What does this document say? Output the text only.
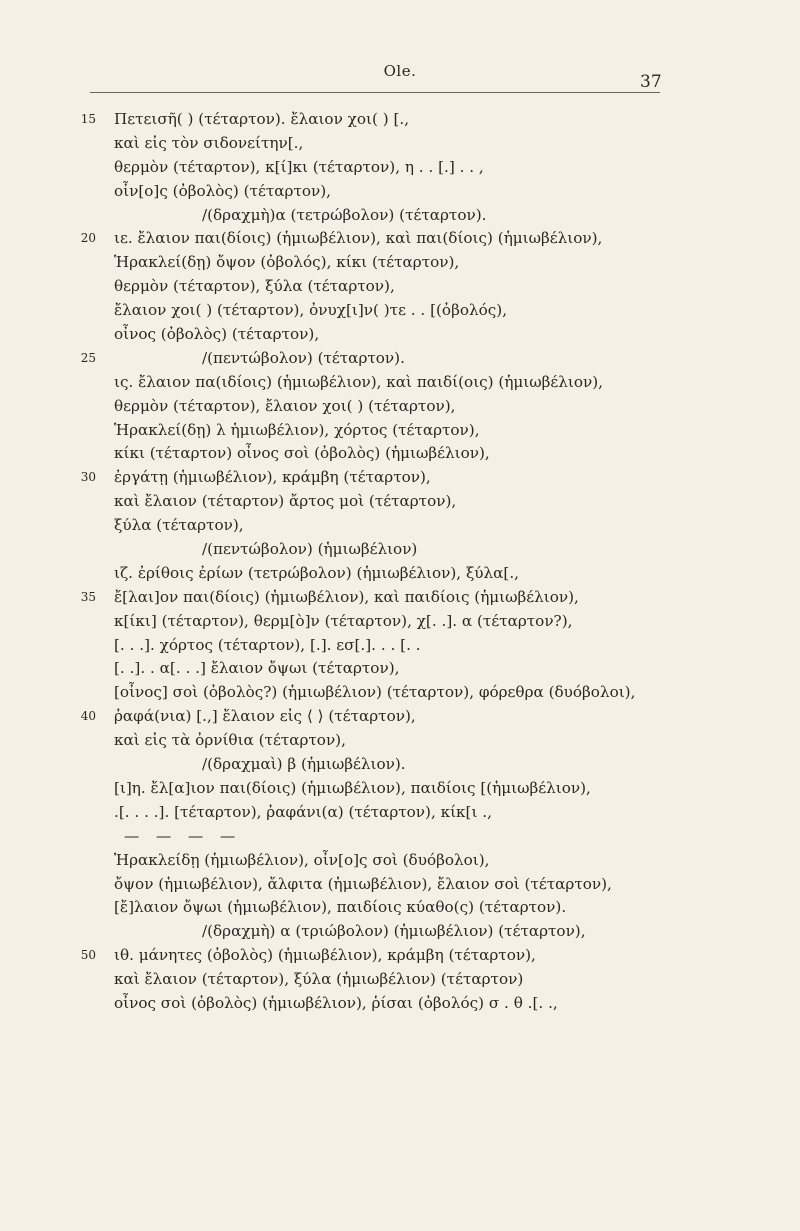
Ole.
37
15 Πετεισῆ( ) (τέταρτον). ἔλαιον χοι( ) [.,
καὶ εἰς τὸν σιδονείτην[.,
θερμὸν (τέταρτον), κ[ί]κι (τέταρτον), η . . [.] . . ,
οἶν[ο]ς (ὀβολὸς) (τέταρτον),
/(δραχμὴ)α (τετρώβολον) (τέταρτον).
20 ιε. ἔλαιον παι(δίοις) (ἡμιωβέλιον), καὶ παι(δίοις) (ἡμιωβέλιον),
Ἡρακλεί(δῃ) ὄψον (ὀβολός), κίκι (τέταρτον),
θερμὸν (τέταρτον), ξύλα (τέταρτον),
ἔλαιον χοι( ) (τέταρτον), ὀνυχ[ι]ν( )τε . . [(ὀβολός),
οἶνος (ὀβολὸς) (τέταρτον),
25	/(πεντώβολον) (τέταρτον).
ις. ἔλαιον πα(ιδίοις) (ἡμιωβέλιον), καὶ παιδί(οις) (ἡμιωβέλιον),
θερμὸν (τέταρτον), ἔλαιον χοι( ) (τέταρτον),
Ἡρακλεί(δῃ) λ ἡμιωβέλιον), χόρτος (τέταρτον),
κίκι (τέταρτον) οἶνος σοὶ (ὀβολὸς) (ἡμιωβέλιον),
30 ἐργάτῃ (ἡμιωβέλιον), κράμβη (τέταρτον),
καὶ ἔλαιον (τέταρτον) ἄρτος μοὶ (τέταρτον),
ξύλα (τέταρτον),
/(πεντώβολον) (ἡμιωβέλιον)
ιζ. ἐρίθοις ἐρίων (τετρώβολον) (ἡμιωβέλιον), ξύλα[.,
35 ἔ[λαι]ον παι(δίοις) (ἡμιωβέλιον), καὶ παιδίοις (ἡμιωβέλιον),
κ[ίκι] (τέταρτον), θερμ[ὸ]ν (τέταρτον), χ[. .]. α (τέταρτον?),
[. . .]. χόρτος (τέταρτον), [.]. εσ[.]. . . [. .
[. .]. . α[. . .] ἔλαιον ὄψωι (τέταρτον),
[οἶνος] σοὶ (ὀβολὸς?) (ἡμιωβέλιον) (τέταρτον), φόρεθρα (δυόβολοι),
40 ῥαφά(νια) [.,] ἔλαιον εἰς ⟨ ⟩ (τέταρτον),
καὶ εἰς τὰ ὀρνίθια (τέταρτον),
/(δραχμαὶ) β (ἡμιωβέλιον).
[ι]η. ἔλ[α]ιον παι(δίοις) (ἡμιωβέλιον), παιδίοις [(ἡμιωβέλιον),
.[. . . .]. [τέταρτον), ῥαφάνι(α) (τέταρτον), κίκ[ι .,
— — — —
Ἡρακλείδῃ (ἡμιωβέλιον), οἶν[ο]ς σοὶ (δυόβολοι),
ὄψον (ἡμιωβέλιον), ἄλφιτα (ἡμιωβέλιον), ἔλαιον σοὶ (τέταρτον),
[ἔ]λαιον ὄψωι (ἡμιωβέλιον), παιδίοις κύαθο(ς) (τέταρτον).
/(δραχμὴ) α (τριώβολον) (ἡμιωβέλιον) (τέταρτον),
50 ιθ. μάνητες (ὀβολὸς) (ἡμιωβέλιον), κράμβη (τέταρτον),
καὶ ἔλαιον (τέταρτον), ξύλα (ἡμιωβέλιον) (τέταρτον)
οἶνος σοὶ (ὀβολὸς) (ἡμιωβέλιον), ῥίσαι (ὀβολός) σ . θ .[. .,
